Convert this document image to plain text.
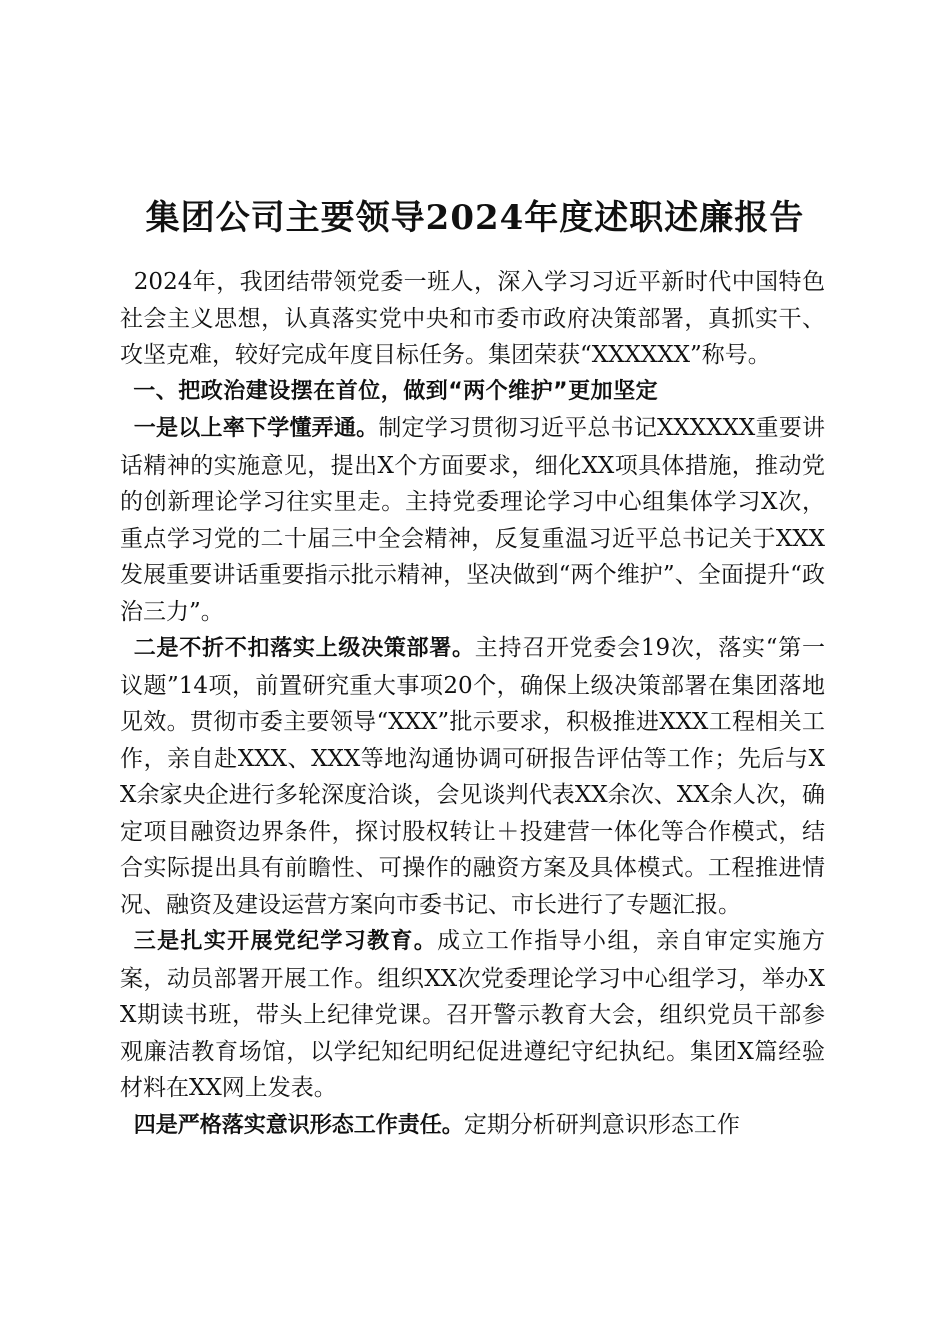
集团公司主要领导2024年度述职述廉报告

2024年，我团结带领党委一班人，深入学习习近平新时代中国特色社会主义思想，认真落实党中央和市委市政府决策部署，真抓实干、攻坚克难，较好完成年度目标任务。集团荣获“XXXXXX”称号。

一、把政治建设摆在首位，做到“两个维护”更加坚定

一是以上率下学懂弄通。制定学习贯彻习近平总书记XXXXXX重要讲话精神的实施意见，提出X个方面要求，细化XX项具体措施，推动党的创新理论学习往实里走。主持党委理论学习中心组集体学习X次，重点学习党的二十届三中全会精神，反复重温习近平总书记关于XXX发展重要讲话重要指示批示精神，坚决做到“两个维护”、全面提升“政治三力”。

二是不折不扣落实上级决策部署。主持召开党委会19次，落实“第一议题”14项，前置研究重大事项20个，确保上级决策部署在集团落地见效。贯彻市委主要领导“XXX”批示要求，积极推进XXX工程相关工作，亲自赴XXX、XXX等地沟通协调可研报告评估等工作；先后与XX余家央企进行多轮深度洽谈，会见谈判代表XX余次、XX余人次，确定项目融资边界条件，探讨股权转让＋投建营一体化等合作模式，结合实际提出具有前瞻性、可操作的融资方案及具体模式。工程推进情况、融资及建设运营方案向市委书记、市长进行了专题汇报。

三是扎实开展党纪学习教育。成立工作指导小组，亲自审定实施方案，动员部署开展工作。组织XX次党委理论学习中心组学习，举办XX期读书班，带头上纪律党课。召开警示教育大会，组织党员干部参观廉洁教育场馆，以学纪知纪明纪促进遵纪守纪执纪。集团X篇经验材料在XX网上发表。

四是严格落实意识形态工作责任。定期分析研判意识形态工作
